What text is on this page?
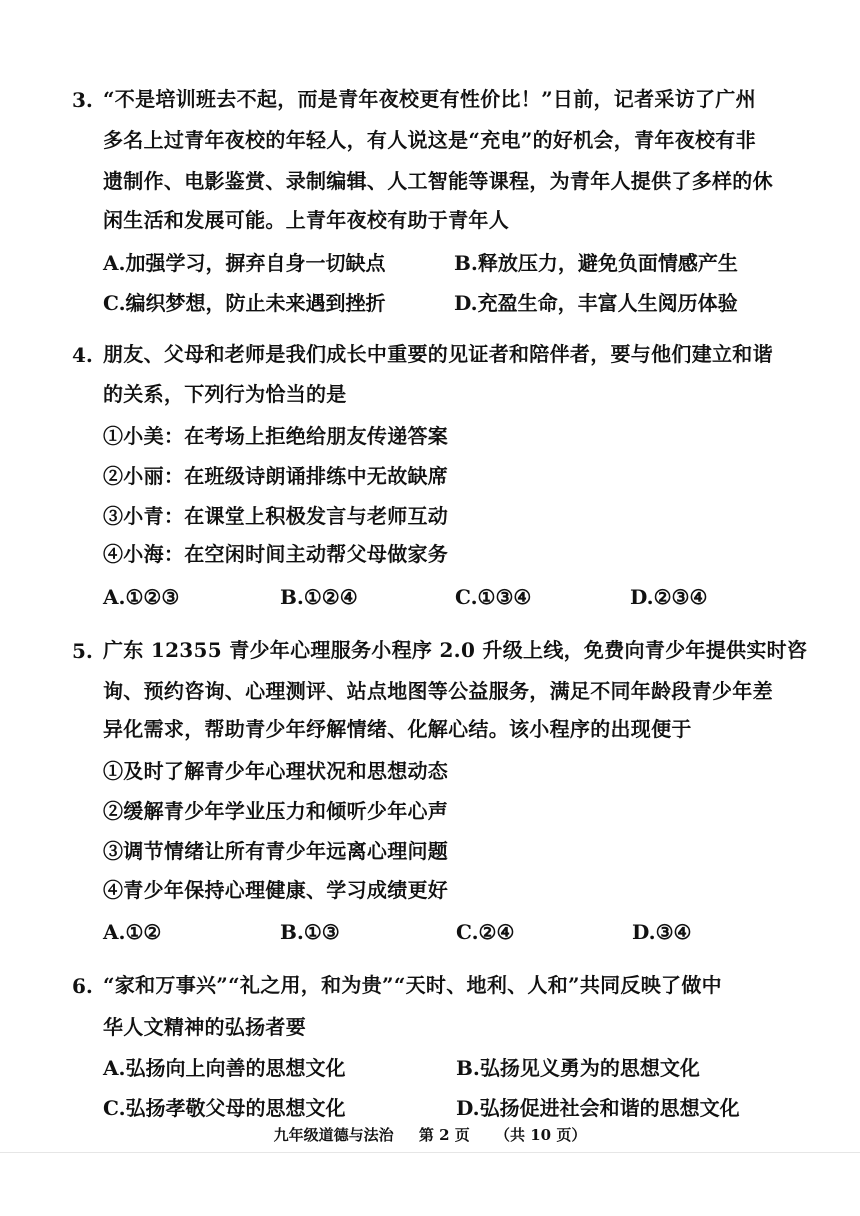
3. “不是培训班去不起，而是青年夜校更有性价比！”日前，记者采访了广州
多名上过青年夜校的年轻人，有人说这是“充电”的好机会，青年夜校有非
遗制作、电影鉴赏、录制编辑、人工智能等课程，为青年人提供了多样的休
闲生活和发展可能。上青年夜校有助于青年人
A.加强学习，摒弃自身一切缺点	B.释放压力，避免负面情感产生
C.编织梦想，防止未来遇到挫折	D.充盈生命，丰富人生阅历体验
4. 朋友、父母和老师是我们成长中重要的见证者和陪伴者，要与他们建立和谐
的关系，下列行为恰当的是
①小美：在考场上拒绝给朋友传递答案
②小丽：在班级诗朗诵排练中无故缺席
③小青：在课堂上积极发言与老师互动
④小海：在空闲时间主动帮父母做家务
A.①②③	B.①②④	C.①③④	D.②③④
5. 广东 12355 青少年心理服务小程序 2.0 升级上线，免费向青少年提供实时咨
询、预约咨询、心理测评、站点地图等公益服务，满足不同年龄段青少年差
异化需求，帮助青少年纾解情绪、化解心结。该小程序的出现便于
①及时了解青少年心理状况和思想动态
②缓解青少年学业压力和倾听少年心声
③调节情绪让所有青少年远离心理问题
④青少年保持心理健康、学习成绩更好
A.①②	B.①③	C.②④	D.③④
6. “家和万事兴”“礼之用，和为贵”“天时、地利、人和”共同反映了做中
华人文精神的弘扬者要
A.弘扬向上向善的思想文化	B.弘扬见义勇为的思想文化
C.弘扬孝敬父母的思想文化	D.弘扬促进社会和谐的思想文化
九年级道德与法治 第 2 页 （共 10 页）
